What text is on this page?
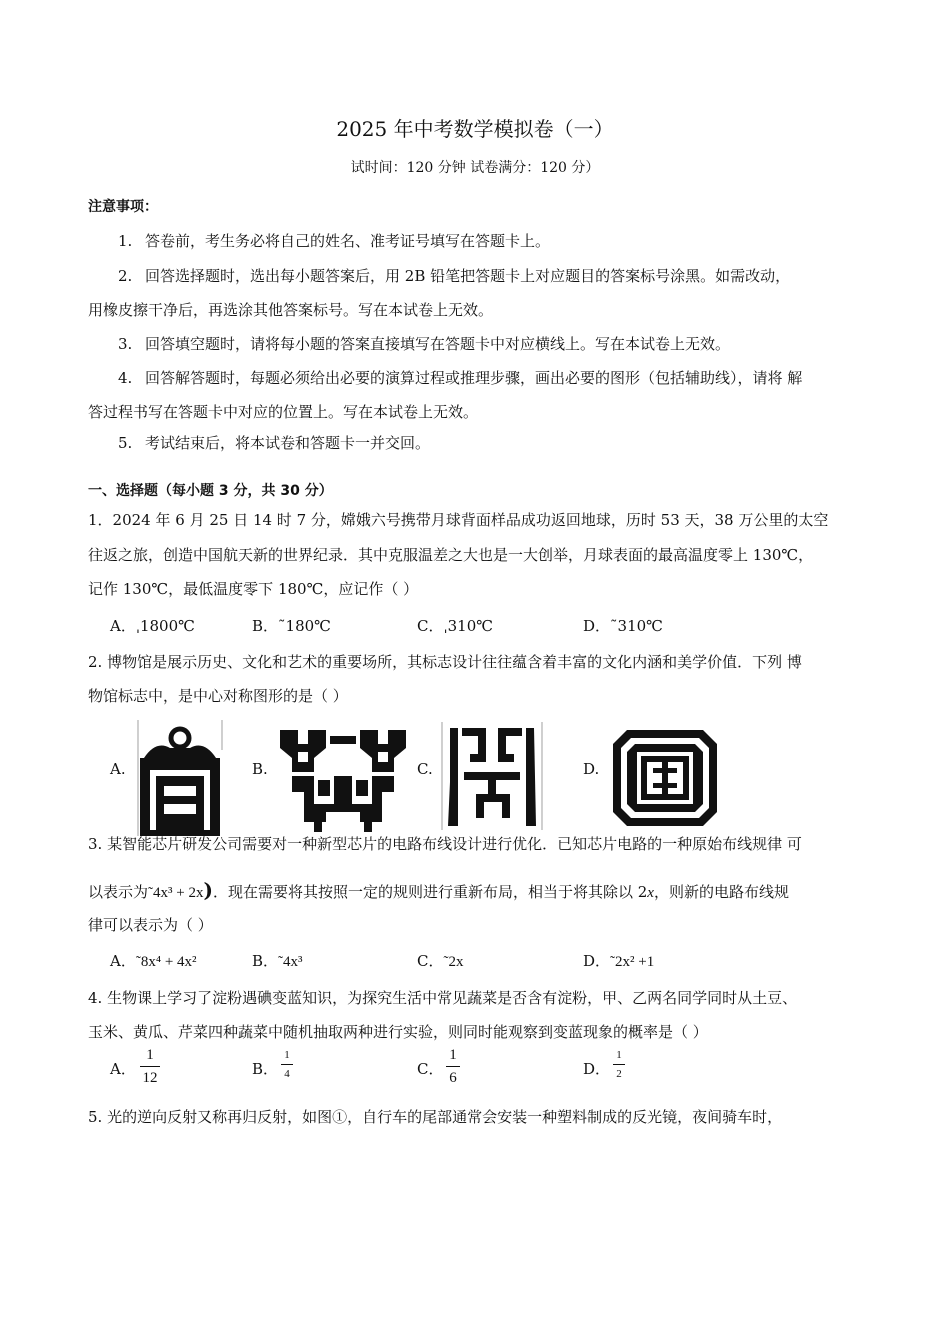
2025 年中考数学模拟卷（一）
试时间：120 分钟 试卷满分：120 分）
注意事项：
1. 答卷前，考生务必将自己的姓名、准考证号填写在答题卡上。
2. 回答选择题时，选出每小题答案后，用 2B 铅笔把答题卡上对应题目的答案标号涂黑。如需改动，
用橡皮擦干净后，再选涂其他答案标号。写在本试卷上无效。
3. 回答填空题时，请将每小题的答案直接填写在答题卡中对应横线上。写在本试卷上无效。
4. 回答解答题时，每题必须给出必要的演算过程或推理步骤，画出必要的图形（包括辅助线），请将 解
答过程书写在答题卡中对应的位置上。写在本试卷上无效。
5. 考试结束后，将本试卷和答题卡一并交回。
一、选择题（每小题 3 分，共 30 分）
1．2024 年 6 月 25 日 14 时 7 分，嫦娥六号携带月球背面样品成功返回地球，历时 53 天，38 万公里的太空
往返之旅，创造中国航天新的世界纪录．其中克服温差之大也是一大创举，月球表面的最高温度零上 130℃，
记作 130℃，最低温度零下 180℃，应记作（ ）
A．ˌ1800℃	B．˜180℃	C．ˌ310℃	D．˜310℃
2. 博物馆是展示历史、文化和艺术的重要场所，其标志设计往往蕴含着丰富的文化内涵和美学价值．下列 博
物馆标志中，是中心对称图形的是（ ）
A.	B.	C.	D.
3. 某智能芯片研发公司需要对一种新型芯片的电路布线设计进行优化．已知芯片电路的一种原始布线规律 可
以表示为˜4x³ + 2x)．现在需要将其按照一定的规则进行重新布局，相当于将其除以 2x，则新的电路布线规
律可以表示为（ ）
A．˜8x⁴ + 4x²	B．˜4x³	C．˜2x	D．˜2x² +1
4. 生物课上学习了淀粉遇碘变蓝知识，为探究生活中常见蔬菜是否含有淀粉，甲、乙两名同学同时从土豆、
玉米、黄瓜、芹菜四种蔬菜中随机抽取两种进行实验，则同时能观察到变蓝现象的概率是（ ）
A．
1
12	B．
1
4	C．
1
6	D．
1
2
5. 光的逆向反射又称再归反射，如图①，自行车的尾部通常会安装一种塑料制成的反光镜，夜间骑车时，
